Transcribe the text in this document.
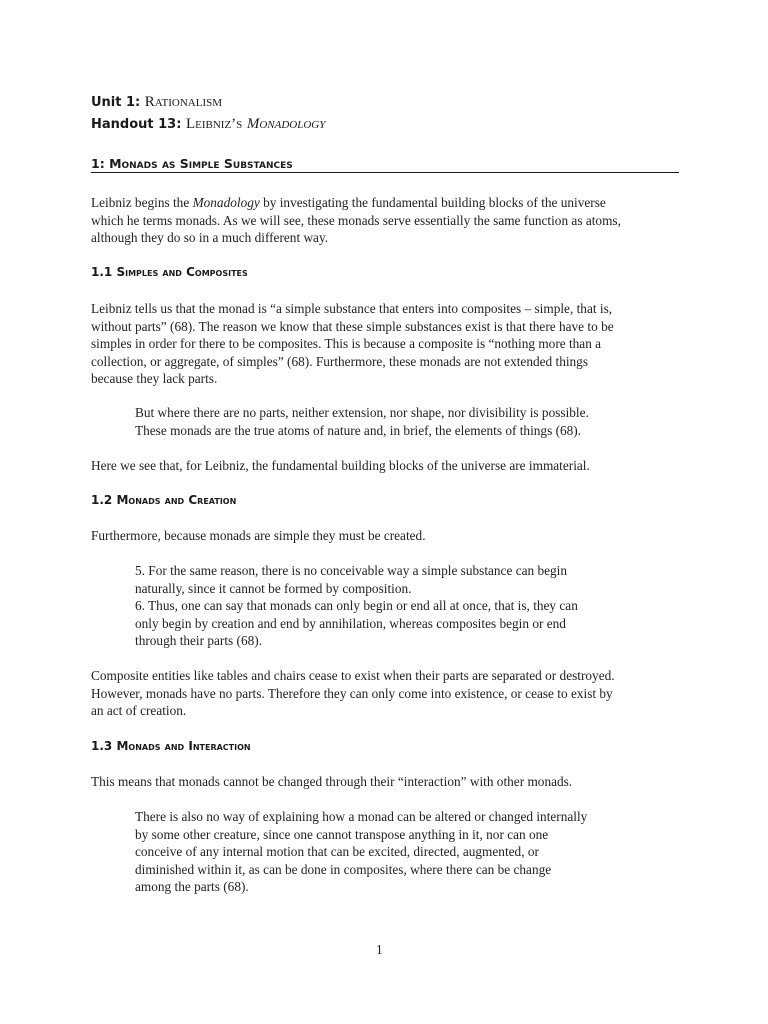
Unit 1: Rationalism
Handout 13: Leibniz’s Monadology
1: Monads as Simple Substances
Leibniz begins the Monadology by investigating the fundamental building blocks of the universe
which he terms monads. As we will see, these monads serve essentially the same function as atoms,
although they do so in a much different way.
1.1 Simples and Composites
Leibniz tells us that the monad is “a simple substance that enters into composites – simple, that is,
without parts” (68). The reason we know that these simple substances exist is that there have to be
simples in order for there to be composites. This is because a composite is “nothing more than a
collection, or aggregate, of simples” (68). Furthermore, these monads are not extended things
because they lack parts.
But where there are no parts, neither extension, nor shape, nor divisibility is possible.
These monads are the true atoms of nature and, in brief, the elements of things (68).
Here we see that, for Leibniz, the fundamental building blocks of the universe are immaterial.
1.2 Monads and Creation
Furthermore, because monads are simple they must be created.
5. For the same reason, there is no conceivable way a simple substance can begin
naturally, since it cannot be formed by composition.
6. Thus, one can say that monads can only begin or end all at once, that is, they can
only begin by creation and end by annihilation, whereas composites begin or end
through their parts (68).
Composite entities like tables and chairs cease to exist when their parts are separated or destroyed.
However, monads have no parts. Therefore they can only come into existence, or cease to exist by
an act of creation.
1.3 Monads and Interaction
This means that monads cannot be changed through their “interaction” with other monads.
There is also no way of explaining how a monad can be altered or changed internally
by some other creature, since one cannot transpose anything in it, nor can one
conceive of any internal motion that can be excited, directed, augmented, or
diminished within it, as can be done in composites, where there can be change
among the parts (68).
1
